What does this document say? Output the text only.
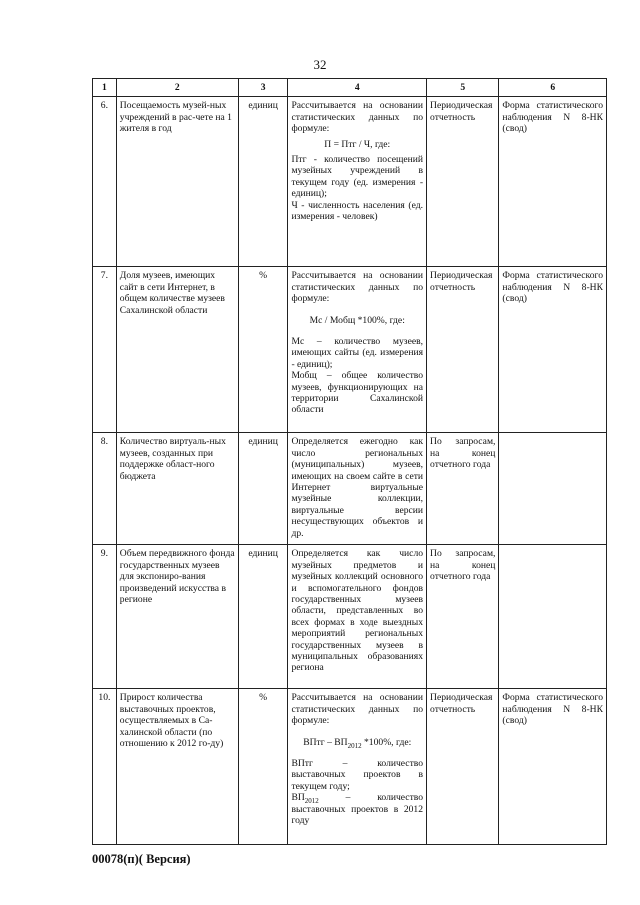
32
1	2	3	4	5	6
6.	Посещаемость музей-ных учреждений в рас-чете на 1 жителя в год	единиц	Рассчитывается на основании статистических данных по формуле:
П = Птг / Ч, где:
Птг - количество посещений музейных учреждений в текущем году (ед. измерения - единиц);
Ч - численность населения (ед. измерения - человек)	Периодическая отчетность	Форма статистического наблюдения N 8-НК (свод)
7.	Доля музеев, имеющих сайт в сети Интернет, в общем количестве музеев Сахалинской области	%	Рассчитывается на основании статистических данных по формуле:
Мс / Мобщ *100%, где:
Мс – количество музеев, имеющих сайты (ед. измерения - единиц);
Мобщ – общее количество музеев, функционирующих на территории Сахалинской области	Периодическая отчетность	Форма статистического наблюдения N 8-НК (свод)
8.	Количество виртуаль-ных музеев, созданных при поддержке област-ного бюджета	единиц	Определяется ежегодно как число региональных (муниципальных) музеев, имеющих на своем сайте в сети Интернет виртуальные музейные коллекции, виртуальные версии несуществующих объектов и др.	По запросам, на конец отчетного года	
9.	Объем передвижного фонда государственных музеев для экспониро-вания произведений искусства в регионе	единиц	Определяется как число музейных предметов и музейных коллекций основного и вспомогательного фондов государственных музеев области, представленных во всех формах в ходе выездных мероприятий региональных государственных музеев в муниципальных образованиях региона	По запросам, на конец отчетного года	
10.	Прирост количества выставочных проектов, осуществляемых в Са-халинской области (по отношению к 2012 го-ду)	%	Рассчитывается на основании статистических данных по формуле:
ВПтг – $ВП_{2012}$ *100%, где:
ВПтг – количество выставочных проектов в текущем году;
$ВП_{2012}$ – количество выставочных проектов в 2012 году	Периодическая отчетность	Форма статистического наблюдения N 8-НК (свод)
00078(п)( Версия)
